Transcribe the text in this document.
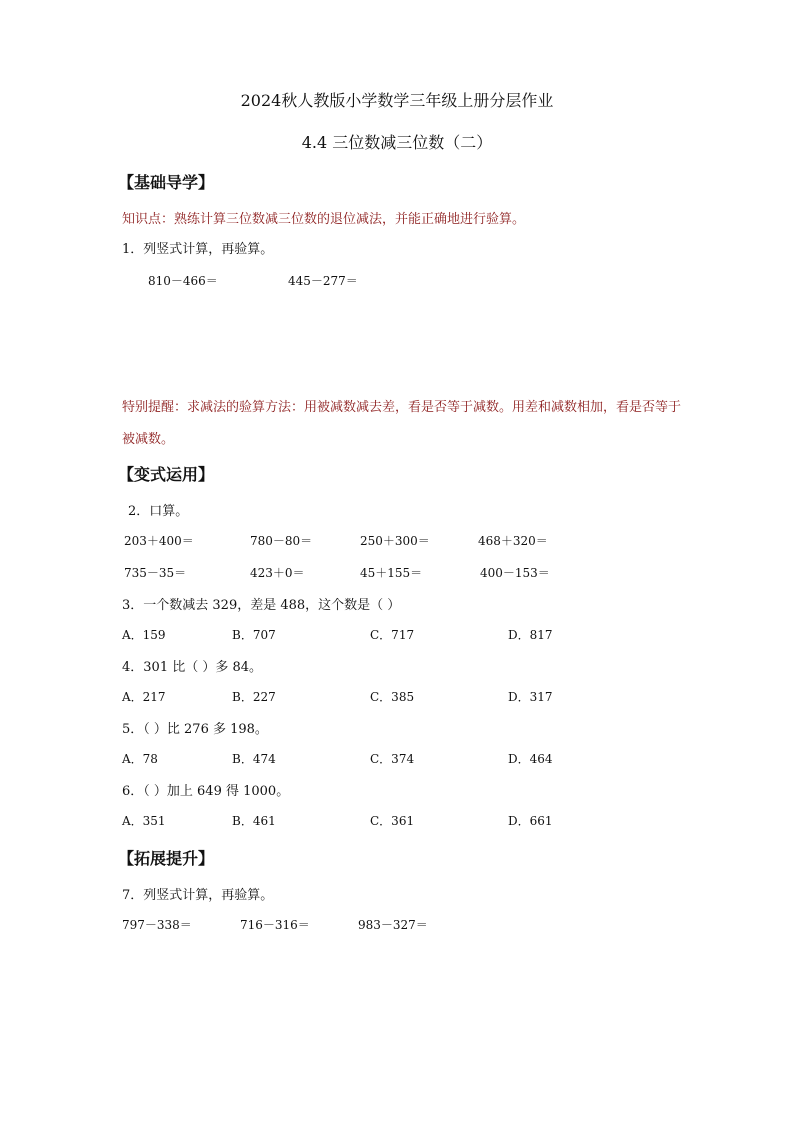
2024秋人教版小学数学三年级上册分层作业
4.4 三位数减三位数（二）
【基础导学】
知识点：熟练计算三位数减三位数的退位减法，并能正确地进行验算。
1．列竖式计算，再验算。
810－466＝	445－277＝
特别提醒：求减法的验算方法：用被减数减去差，看是否等于减数。用差和减数相加，看是否等于
被减数。
【变式运用】
2．口算。
203＋400＝	780－80＝	250＋300＝	468＋320＝
735－35＝	423＋0＝	45＋155＝	400－153＝
3．一个数减去 329，差是 488，这个数是（ ）
A．159	B．707	C．717	D．817
4．301 比（ ）多 84。
A．217	B．227	C．385	D．317
5．（ ）比 276 多 198。
A．78	B．474	C．374	D．464
6．（ ）加上 649 得 1000。
A．351	B．461	C．361	D．661
【拓展提升】
7．列竖式计算，再验算。
797－338＝	716－316＝	983－327＝
